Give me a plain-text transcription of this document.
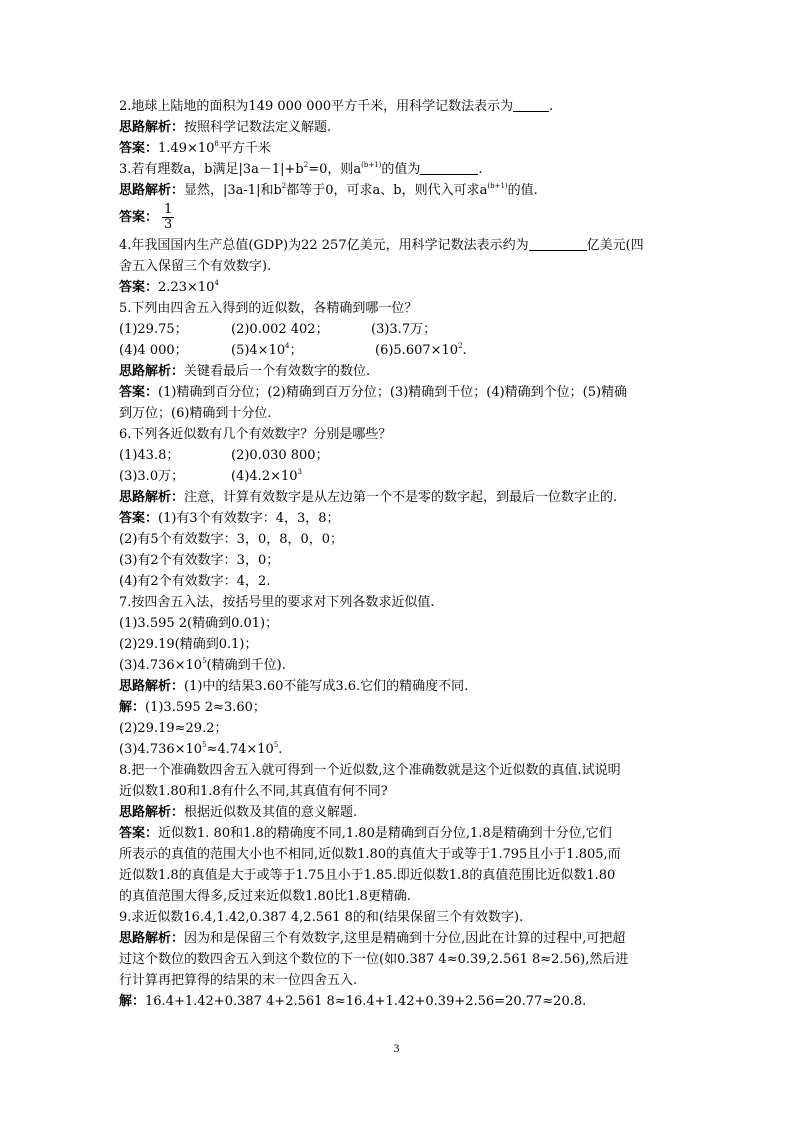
2.地球上陆地的面积为149 000 000平方千米，用科学记数法表示为	.
思路解析：按照科学记数法定义解题.
答案：$1.49\times 10^8$平方千米
3.若有理数a，b满足$|3a-1|+b^2=0$，则$a^{(b+1)}$的值为	.
思路解析：显然，|3a-1|和$b^2$都等于0，可求a、b，则代入可求$a^{(b+1)}$的值.
答案： $\frac{1}{3}$
4.年我国国内生产总值(GDP)为22 257亿美元，用科学记数法表示约为	亿美元(四
舍五入保留三个有效数字).
答案：$2.23\times 10^4$
5.下列由四舍五入得到的近似数，各精确到哪一位？
(1)29.75；	(2)0.002 402；	(3)3.7万；
(4)4 000；	$(5)4\times 10^4$；	$(6)5.607\times 10^2$.
思路解析：关键看最后一个有效数字的数位.
答案：(1)精确到百分位；(2)精确到百万分位；(3)精确到千位；(4)精确到个位；(5)精确
到万位；(6)精确到十分位.
6.下列各近似数有几个有效数字？分别是哪些？
(1)43.8；	(2)0.030 800；
(3)3.0万；	$(4)4.2\times 10^3$
思路解析：注意，计算有效数字是从左边第一个不是零的数字起，到最后一位数字止的.
答案：(1)有3个有效数字：4，3，8；
(2)有5个有效数字：3，0，8，0，0；
(3)有2个有效数字：3，0；
(4)有2个有效数字：4，2.
7.按四舍五入法，按括号里的要求对下列各数求近似值.
(1)3.595 2(精确到0.01)；
(2)29.19(精确到0.1)；
$(3)4.736\times 10^5$(精确到千位).
思路解析：(1)中的结果3.60不能写成3.6.它们的精确度不同.
解：(1)3.595 2≈3.60；
(2)29.19≈29.2；
$(3)4.736\times 10^5\approx 4.74\times 10^5$.
8.把一个准确数四舍五入就可得到一个近似数,这个准确数就是这个近似数的真值.试说明
近似数1.80和1.8有什么不同,其真值有何不同?
思路解析：根据近似数及其值的意义解题.
答案：近似数1. 80和1.8的精确度不同,1.80是精确到百分位,1.8是精确到十分位,它们
所表示的真值的范围大小也不相同,近似数1.80的真值大于或等于1.795且小于1.805,而
近似数1.8的真值是大于或等于1.75且小于1.85.即近似数1.8的真值范围比近似数1.80
的真值范围大得多,反过来近似数1.80比1.8更精确.
9.求近似数16.4,1.42,0.387 4,2.561 8的和(结果保留三个有效数字).
思路解析：因为和是保留三个有效数字,这里是精确到十分位,因此在计算的过程中,可把超
过这个数位的数四舍五入到这个数位的下一位(如0.387 4≈0.39,2.561 8≈2.56),然后进
行计算再把算得的结果的末一位四舍五入.
解：16.4+1.42+0.387 4+2.561 8≈16.4+1.42+0.39+2.56=20.77≈20.8.
3
